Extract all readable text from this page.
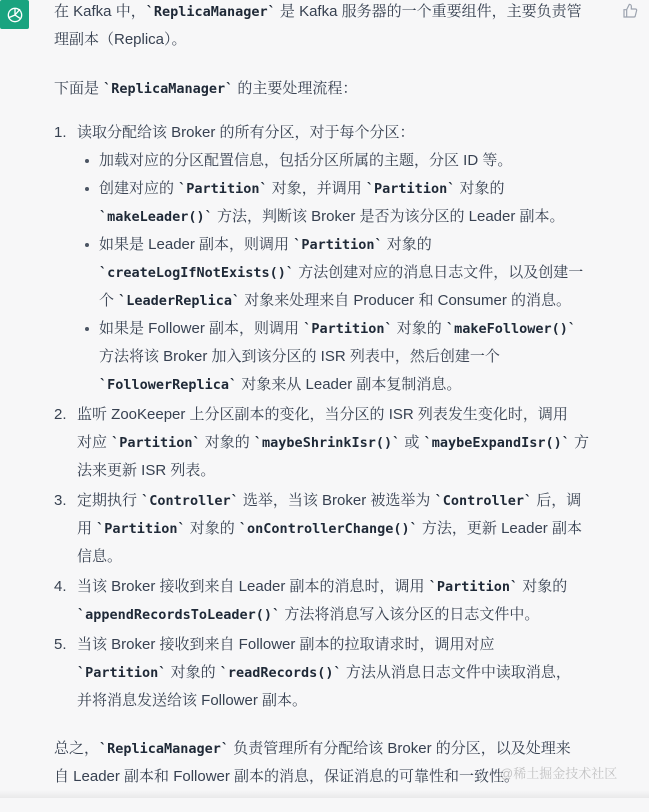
在 Kafka 中，`ReplicaManager` 是 Kafka 服务器的一个重要组件，主要负责管
理副本（Replica）。
下面是 `ReplicaManager` 的主要处理流程：
1. 读取分配给该 Broker 的所有分区，对于每个分区：
加载对应的分区配置信息，包括分区所属的主题，分区 ID 等。
创建对应的 `Partition` 对象，并调用 `Partition` 对象的
`makeLeader()` 方法，判断该 Broker 是否为该分区的 Leader 副本。
如果是 Leader 副本，则调用 `Partition` 对象的
`createLogIfNotExists()` 方法创建对应的消息日志文件，以及创建一
个 `LeaderReplica` 对象来处理来自 Producer 和 Consumer 的消息。
如果是 Follower 副本，则调用 `Partition` 对象的 `makeFollower()`
方法将该 Broker 加入到该分区的 ISR 列表中，然后创建一个
`FollowerReplica` 对象来从 Leader 副本复制消息。
2. 监听 ZooKeeper 上分区副本的变化，当分区的 ISR 列表发生变化时，调用
对应 `Partition` 对象的 `maybeShrinkIsr()` 或 `maybeExpandIsr()` 方
法来更新 ISR 列表。
3. 定期执行 `Controller` 选举，当该 Broker 被选举为 `Controller` 后，调
用 `Partition` 对象的 `onControllerChange()` 方法，更新 Leader 副本
信息。
4. 当该 Broker 接收到来自 Leader 副本的消息时，调用 `Partition` 对象的
`appendRecordsToLeader()` 方法将消息写入该分区的日志文件中。
5. 当该 Broker 接收到来自 Follower 副本的拉取请求时，调用对应
`Partition` 对象的 `readRecords()` 方法从消息日志文件中读取消息，
并将消息发送给该 Follower 副本。
总之，`ReplicaManager` 负责管理所有分配给该 Broker 的分区，以及处理来
自 Leader 副本和 Follower 副本的消息，保证消息的可靠性和一致性。
@稀土掘金技术社区
